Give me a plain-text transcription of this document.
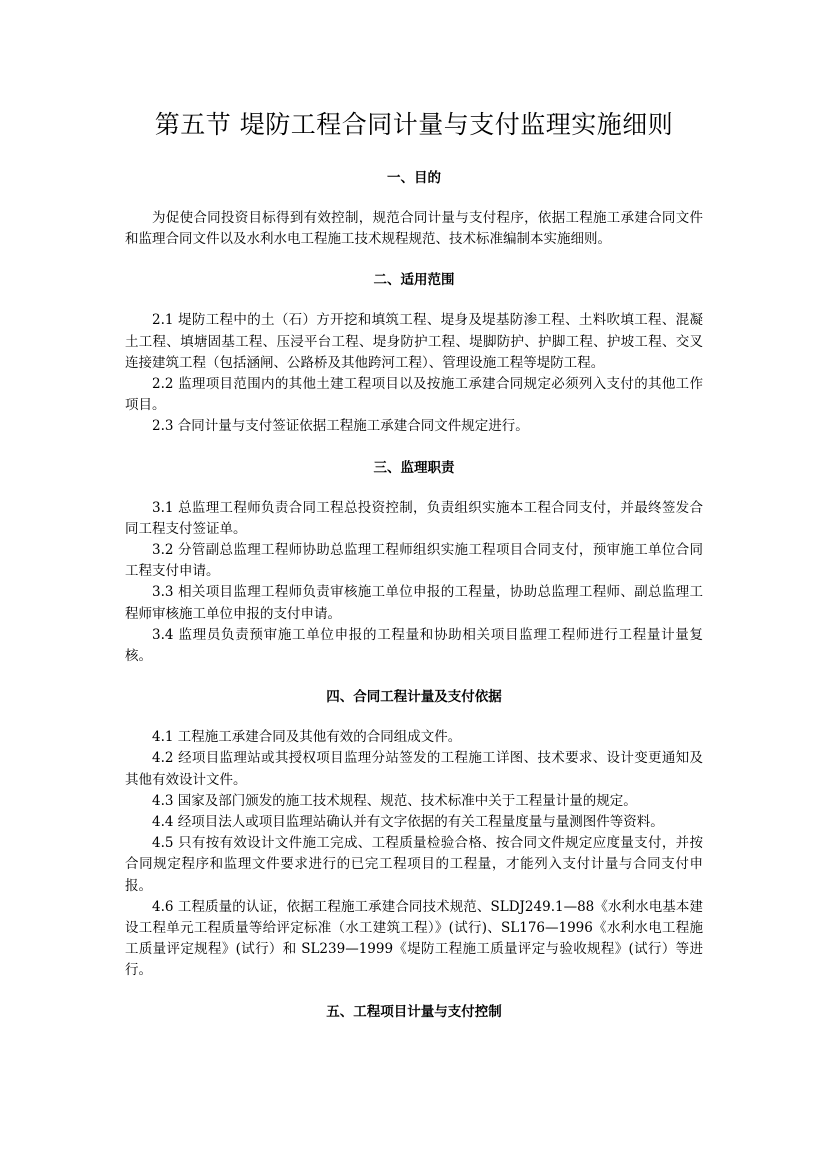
第五节 堤防工程合同计量与支付监理实施细则
一、目的

为促使合同投资目标得到有效控制，规范合同计量与支付程序，依据工程施工承建合同文件和监理合同文件以及水利水电工程施工技术规程规范、技术标准编制本实施细则。

二、适用范围

2.1 堤防工程中的土（石）方开挖和填筑工程、堤身及堤基防渗工程、土料吹填工程、混凝土工程、填塘固基工程、压浸平台工程、堤身防护工程、堤脚防护、护脚工程、护坡工程、交叉连接建筑工程（包括涵闸、公路桥及其他跨河工程）、管理设施工程等堤防工程。

2.2 监理项目范围内的其他土建工程项目以及按施工承建合同规定必须列入支付的其他工作项目。

2.3 合同计量与支付签证依据工程施工承建合同文件规定进行。

三、监理职责

3.1 总监理工程师负责合同工程总投资控制，负责组织实施本工程合同支付，并最终签发合同工程支付签证单。

3.2 分管副总监理工程师协助总监理工程师组织实施工程项目合同支付，预审施工单位合同工程支付申请。

3.3 相关项目监理工程师负责审核施工单位申报的工程量，协助总监理工程师、副总监理工程师审核施工单位申报的支付申请。

3.4 监理员负责预审施工单位申报的工程量和协助相关项目监理工程师进行工程量计量复核。

四、合同工程计量及支付依据

4.1 工程施工承建合同及其他有效的合同组成文件。

4.2 经项目监理站或其授权项目监理分站签发的工程施工详图、技术要求、设计变更通知及其他有效设计文件。

4.3 国家及部门颁发的施工技术规程、规范、技术标准中关于工程量计量的规定。

4.4 经项目法人或项目监理站确认并有文字依据的有关工程量度量与量测图件等资料。

4.5 只有按有效设计文件施工完成、工程质量检验合格、按合同文件规定应度量支付，并按合同规定程序和监理文件要求进行的已完工程项目的工程量，才能列入支付计量与合同支付申报。

4.6 工程质量的认证，依据工程施工承建合同技术规范、SLDJ249.1—88《水利水电基本建设工程单元工程质量等给评定标准（水工建筑工程）》(试行)、SL176—1996《水利水电工程施工质量评定规程》(试行）和 SL239—1999《堤防工程施工质量评定与验收规程》(试行）等进行。

五、工程项目计量与支付控制
